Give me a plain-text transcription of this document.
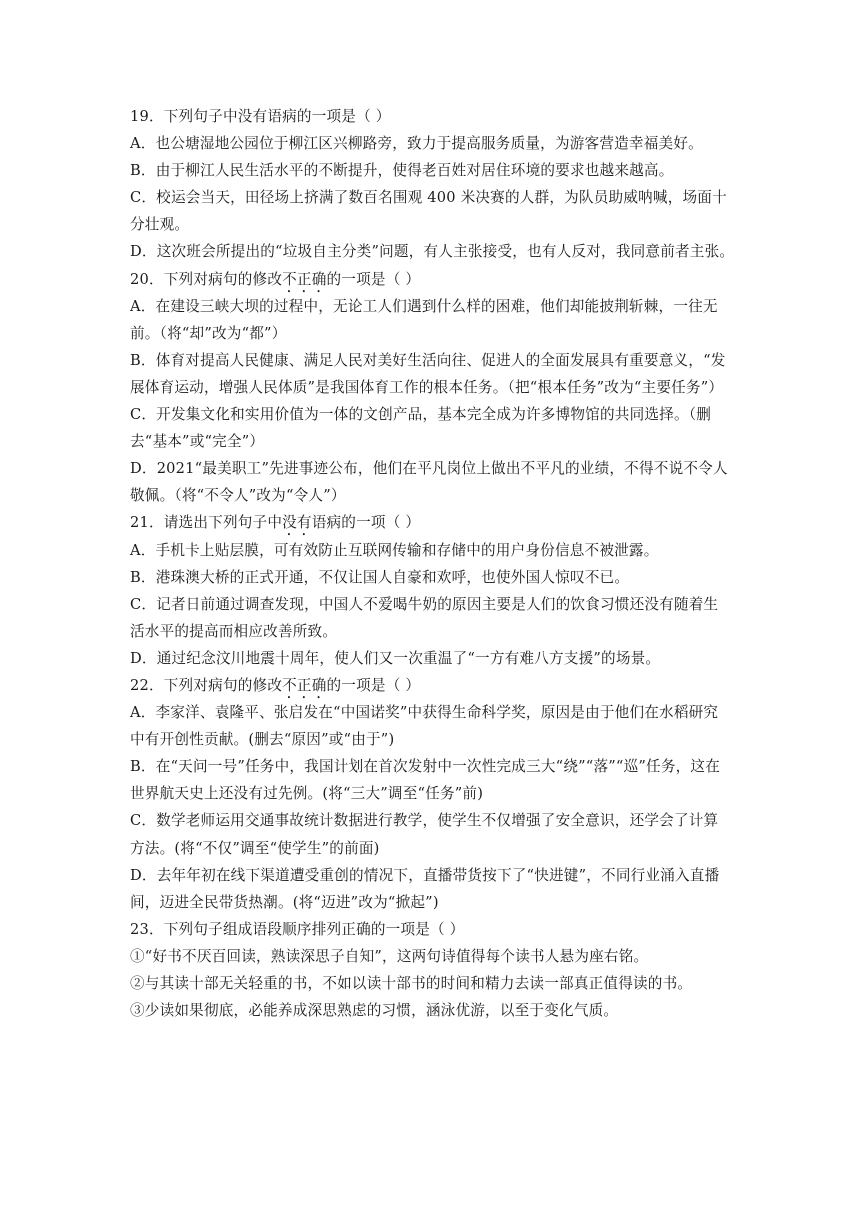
19．下列句子中没有语病的一项是（ ）
A．也公塘湿地公园位于柳江区兴柳路旁，致力于提高服务质量，为游客营造幸福美好。
B．由于柳江人民生活水平的不断提升，使得老百姓对居住环境的要求也越来越高。
C．校运会当天，田径场上挤满了数百名围观 400 米决赛的人群，为队员助威呐喊，场面十
分壮观。
D．这次班会所提出的“垃圾自主分类”问题，有人主张接受，也有人反对，我同意前者主张。
20．下列对病句的修改不正确的一项是（ ）
A．在建设三峡大坝的过程中，无论工人们遇到什么样的困难，他们却能披荆斩棘，一往无
前。（将“却”改为“都”）
B．体育对提高人民健康、满足人民对美好生活向往、促进人的全面发展具有重要意义，“发
展体育运动，增强人民体质”是我国体育工作的根本任务。（把“根本任务”改为“主要任务”）
C．开发集文化和实用价值为一体的文创产品，基本完全成为许多博物馆的共同选择。（删
去“基本”或“完全”）
D．2021“最美职工”先进事迹公布，他们在平凡岗位上做出不平凡的业绩，不得不说不令人
敬佩。（将“不令人”改为“令人”）
21．请选出下列句子中没有语病的一项（ ）
A．手机卡上贴层膜，可有效防止互联网传输和存储中的用户身份信息不被泄露。
B．港珠澳大桥的正式开通，不仅让国人自豪和欢呼，也使外国人惊叹不已。
C．记者日前通过调查发现，中国人不爱喝牛奶的原因主要是人们的饮食习惯还没有随着生
活水平的提高而相应改善所致。
D．通过纪念汶川地震十周年，使人们又一次重温了“一方有难八方支援”的场景。
22．下列对病句的修改不正确的一项是（ ）
A．李家洋、袁隆平、张启发在“中国诺奖”中获得生命科学奖，原因是由于他们在水稻研究
中有开创性贡献。(删去“原因”或“由于”)
B．在“天问一号”任务中，我国计划在首次发射中一次性完成三大“绕”“落”“巡”任务，这在
世界航天史上还没有过先例。(将“三大”调至“任务”前)
C．数学老师运用交通事故统计数据进行教学，使学生不仅增强了安全意识，还学会了计算
方法。(将“不仅”调至“使学生”的前面)
D．去年年初在线下渠道遭受重创的情况下，直播带货按下了“快进键”，不同行业涌入直播
间，迈进全民带货热潮。(将“迈进”改为“掀起”)
23．下列句子组成语段顺序排列正确的一项是（ ）
①“好书不厌百回读，熟读深思子自知”，这两句诗值得每个读书人悬为座右铭。
②与其读十部无关轻重的书，不如以读十部书的时间和精力去读一部真正值得读的书。
③少读如果彻底，必能养成深思熟虑的习惯，涵泳优游，以至于变化气质。
